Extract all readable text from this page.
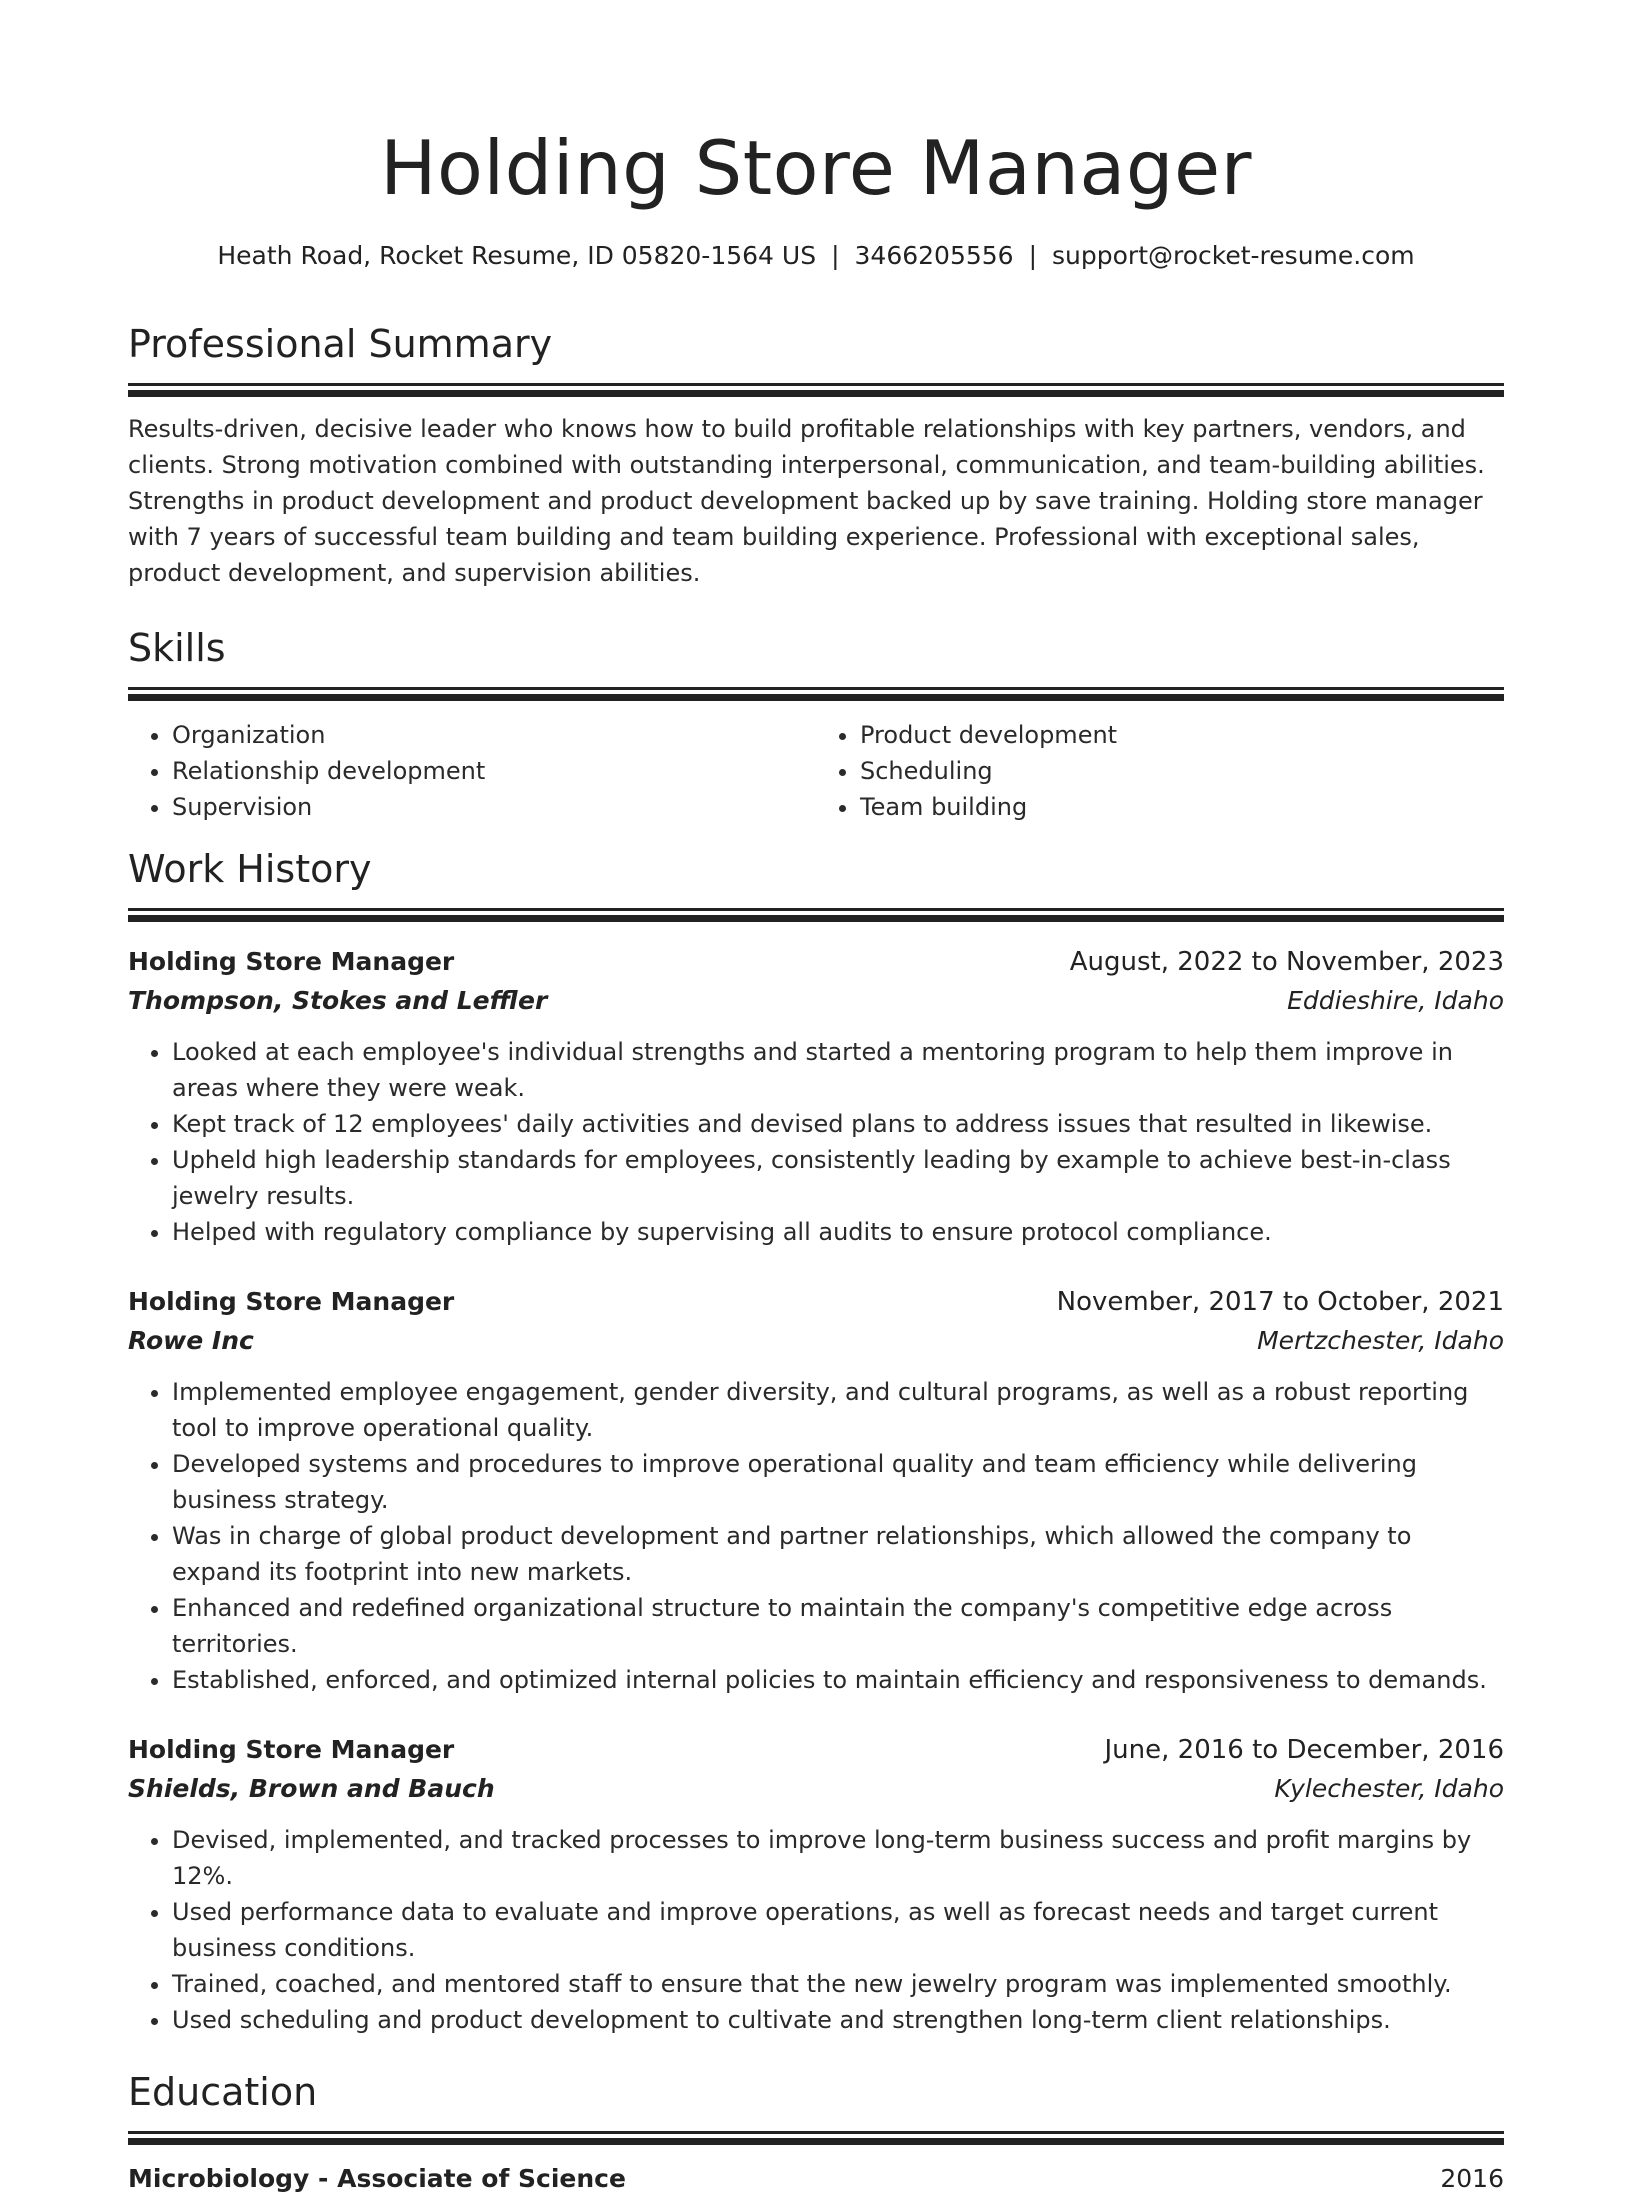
Holding Store Manager
Heath Road, Rocket Resume, ID 05820-1564 US | 3466205556 | support@rocket-resume.com
Professional Summary

Results-driven, decisive leader who knows how to build profitable relationships with key partners, vendors, and clients. Strong motivation combined with outstanding interpersonal, communication, and team-building abilities. Strengths in product development and product development backed up by save training. Holding store manager with 7 years of successful team building and team building experience. Professional with exceptional sales, product development, and supervision abilities.

Skills
• Organization
• Relationship development
• Supervision
• Product development
• Scheduling
• Team building
Work History
Holding Store Manager	August, 2022 to November, 2023
Thompson, Stokes and Leffler	Eddieshire, Idaho
• Looked at each employee's individual strengths and started a mentoring program to help them improve in areas where they were weak.
• Kept track of 12 employees' daily activities and devised plans to address issues that resulted in likewise.
• Upheld high leadership standards for employees, consistently leading by example to achieve best-in-class jewelry results.
• Helped with regulatory compliance by supervising all audits to ensure protocol compliance.
Holding Store Manager	November, 2017 to October, 2021
Rowe Inc	Mertzchester, Idaho
• Implemented employee engagement, gender diversity, and cultural programs, as well as a robust reporting tool to improve operational quality.
• Developed systems and procedures to improve operational quality and team efficiency while delivering business strategy.
• Was in charge of global product development and partner relationships, which allowed the company to expand its footprint into new markets.
• Enhanced and redefined organizational structure to maintain the company's competitive edge across territories.
• Established, enforced, and optimized internal policies to maintain efficiency and responsiveness to demands.
Holding Store Manager	June, 2016 to December, 2016
Shields, Brown and Bauch	Kylechester, Idaho
• Devised, implemented, and tracked processes to improve long-term business success and profit margins by 12%.
• Used performance data to evaluate and improve operations, as well as forecast needs and target current business conditions.
• Trained, coached, and mentored staff to ensure that the new jewelry program was implemented smoothly.
• Used scheduling and product development to cultivate and strengthen long-term client relationships.
Education
Microbiology - Associate of Science	2016
